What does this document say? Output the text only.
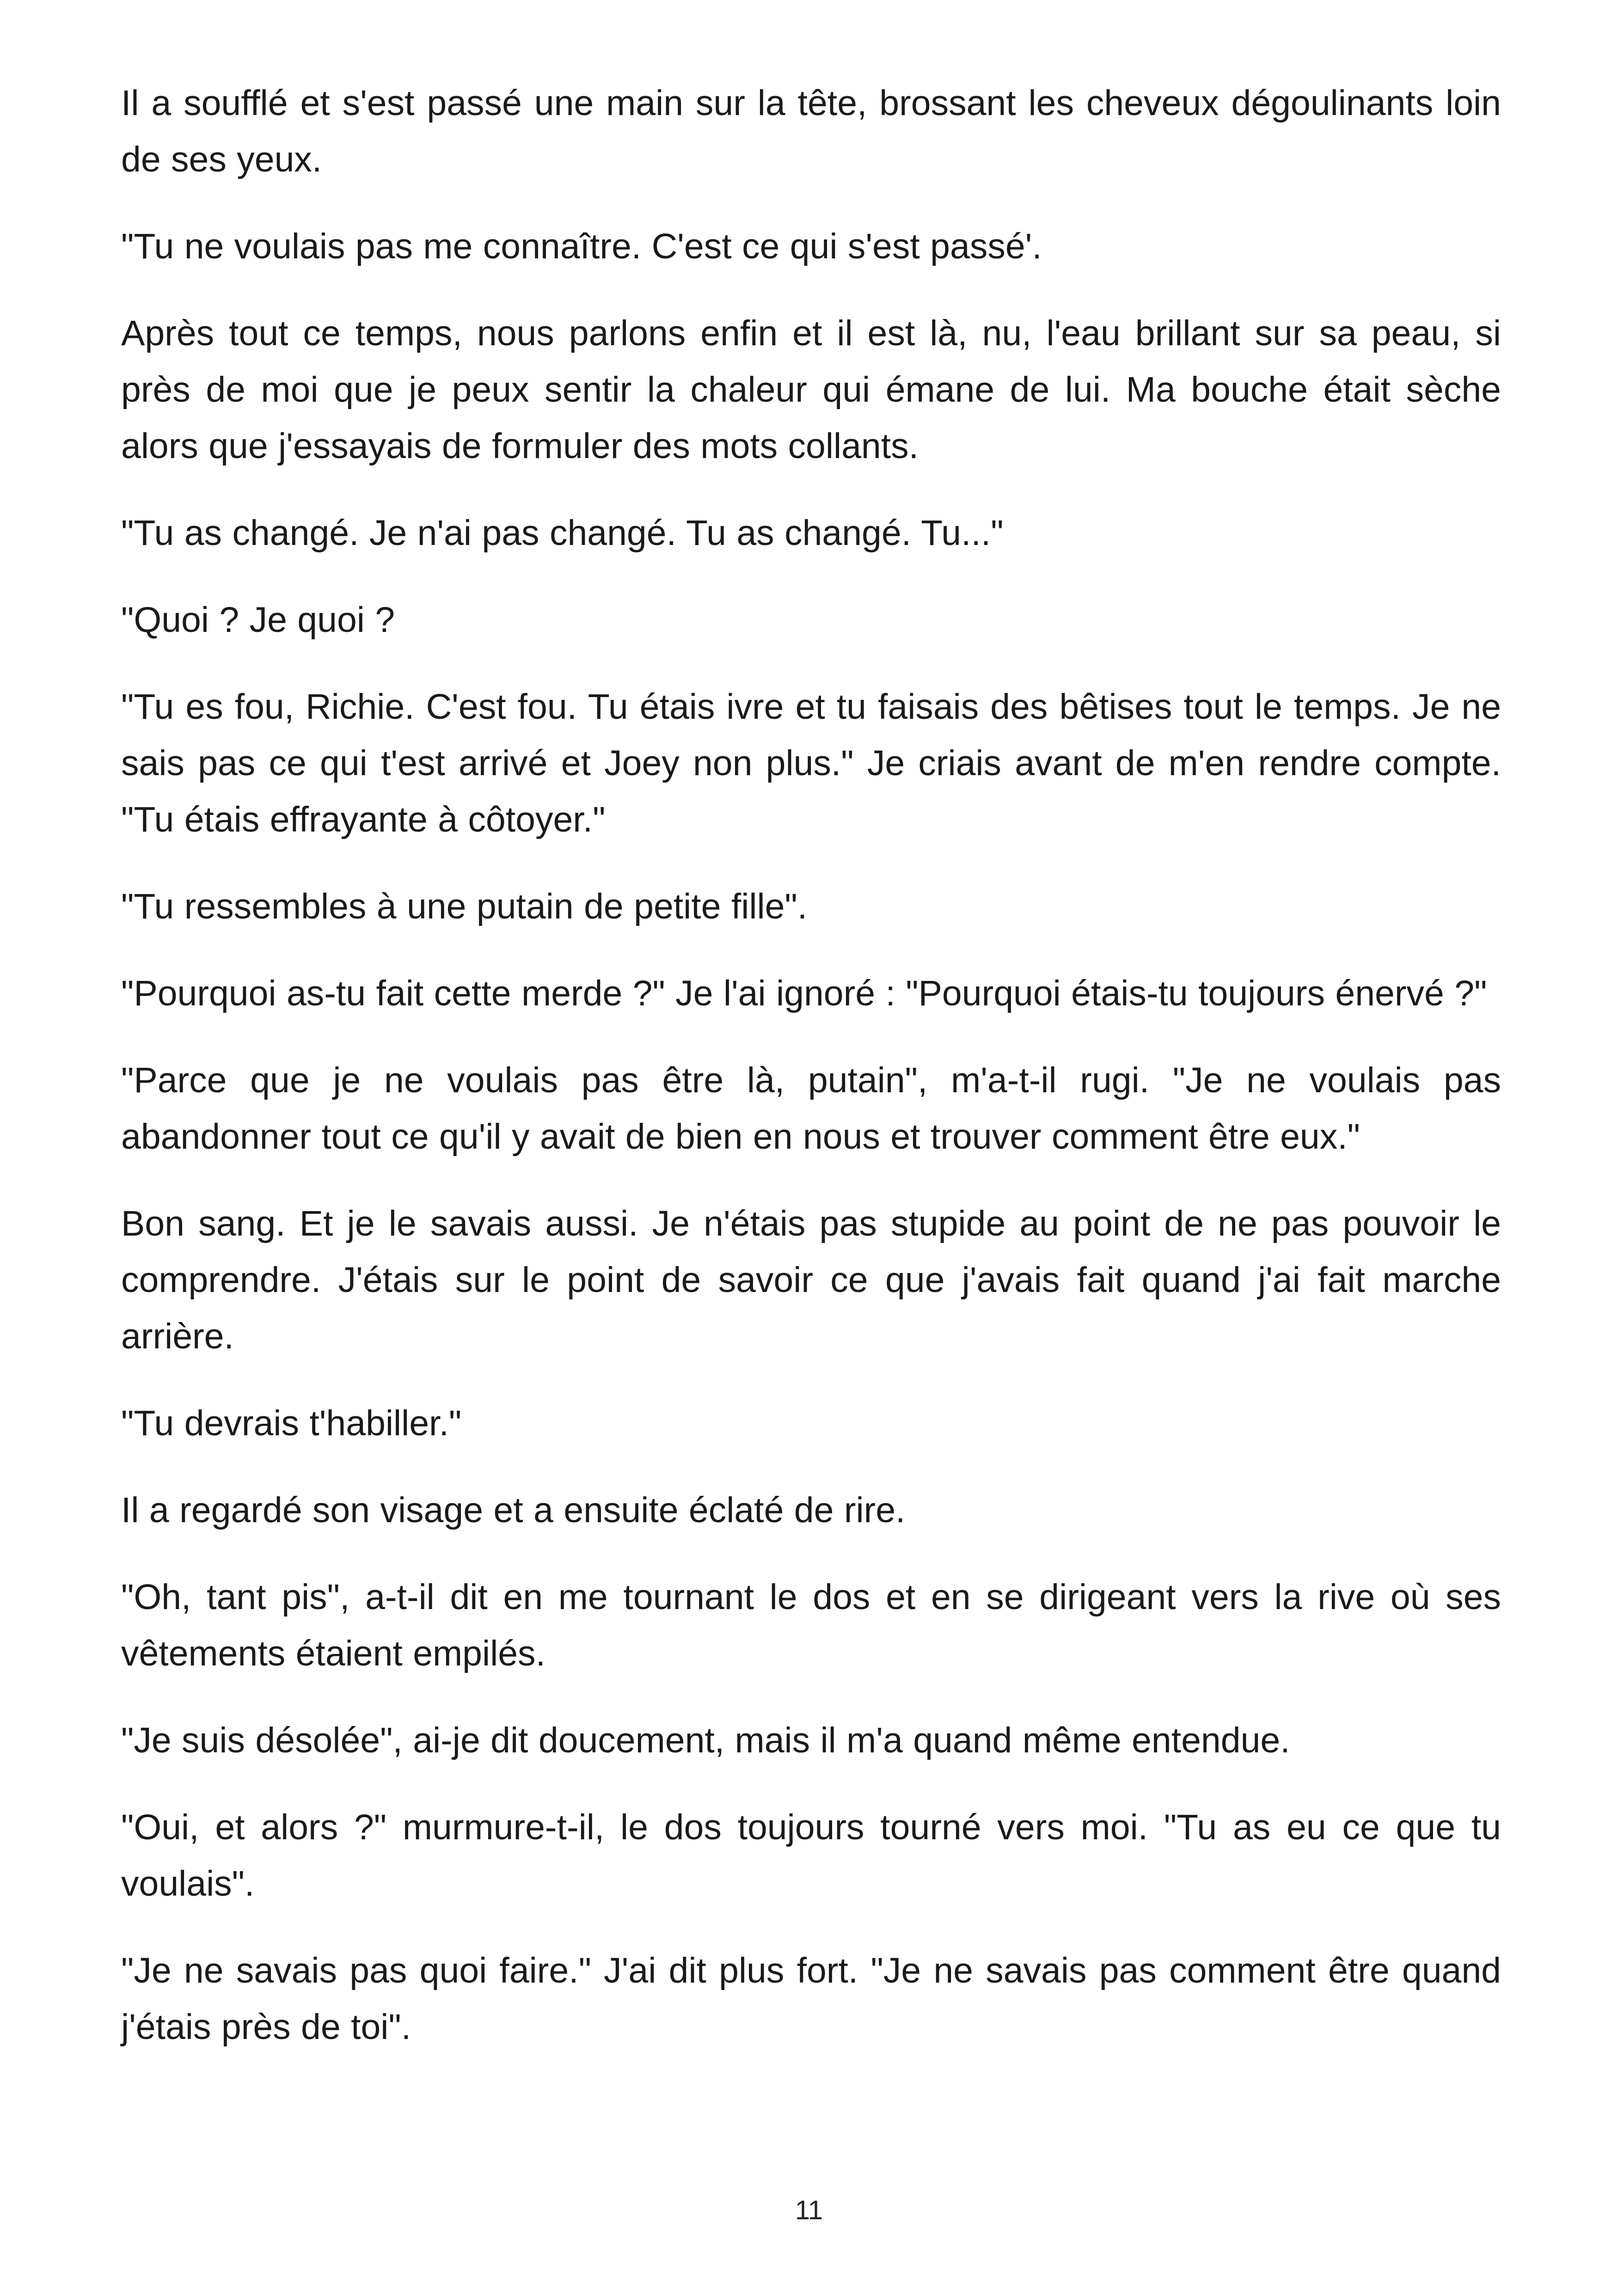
Il a soufflé et s'est passé une main sur la tête, brossant les cheveux dégoulinants loin de ses yeux.

"Tu ne voulais pas me connaître. C'est ce qui s'est passé'.

Après tout ce temps, nous parlons enfin et il est là, nu, l'eau brillant sur sa peau, si près de moi que je peux sentir la chaleur qui émane de lui. Ma bouche était sèche alors que j'essayais de formuler des mots collants.

"Tu as changé. Je n'ai pas changé. Tu as changé. Tu..."

"Quoi ? Je quoi ?

"Tu es fou, Richie. C'est fou. Tu étais ivre et tu faisais des bêtises tout le temps. Je ne sais pas ce qui t'est arrivé et Joey non plus." Je criais avant de m'en rendre compte. "Tu étais effrayante à côtoyer."

"Tu ressembles à une putain de petite fille".

"Pourquoi as-tu fait cette merde ?" Je l'ai ignoré : "Pourquoi étais-tu toujours énervé ?"

"Parce que je ne voulais pas être là, putain", m'a-t-il rugi. "Je ne voulais pas abandonner tout ce qu'il y avait de bien en nous et trouver comment être eux."

Bon sang. Et je le savais aussi. Je n'étais pas stupide au point de ne pas pouvoir le comprendre. J'étais sur le point de savoir ce que j'avais fait quand j'ai fait marche arrière.

"Tu devrais t'habiller."

Il a regardé son visage et a ensuite éclaté de rire.

"Oh, tant pis", a-t-il dit en me tournant le dos et en se dirigeant vers la rive où ses vêtements étaient empilés.

"Je suis désolée", ai-je dit doucement, mais il m'a quand même entendue.

"Oui, et alors ?" murmure-t-il, le dos toujours tourné vers moi. "Tu as eu ce que tu voulais".

"Je ne savais pas quoi faire." J'ai dit plus fort. "Je ne savais pas comment être quand j'étais près de toi".

11
